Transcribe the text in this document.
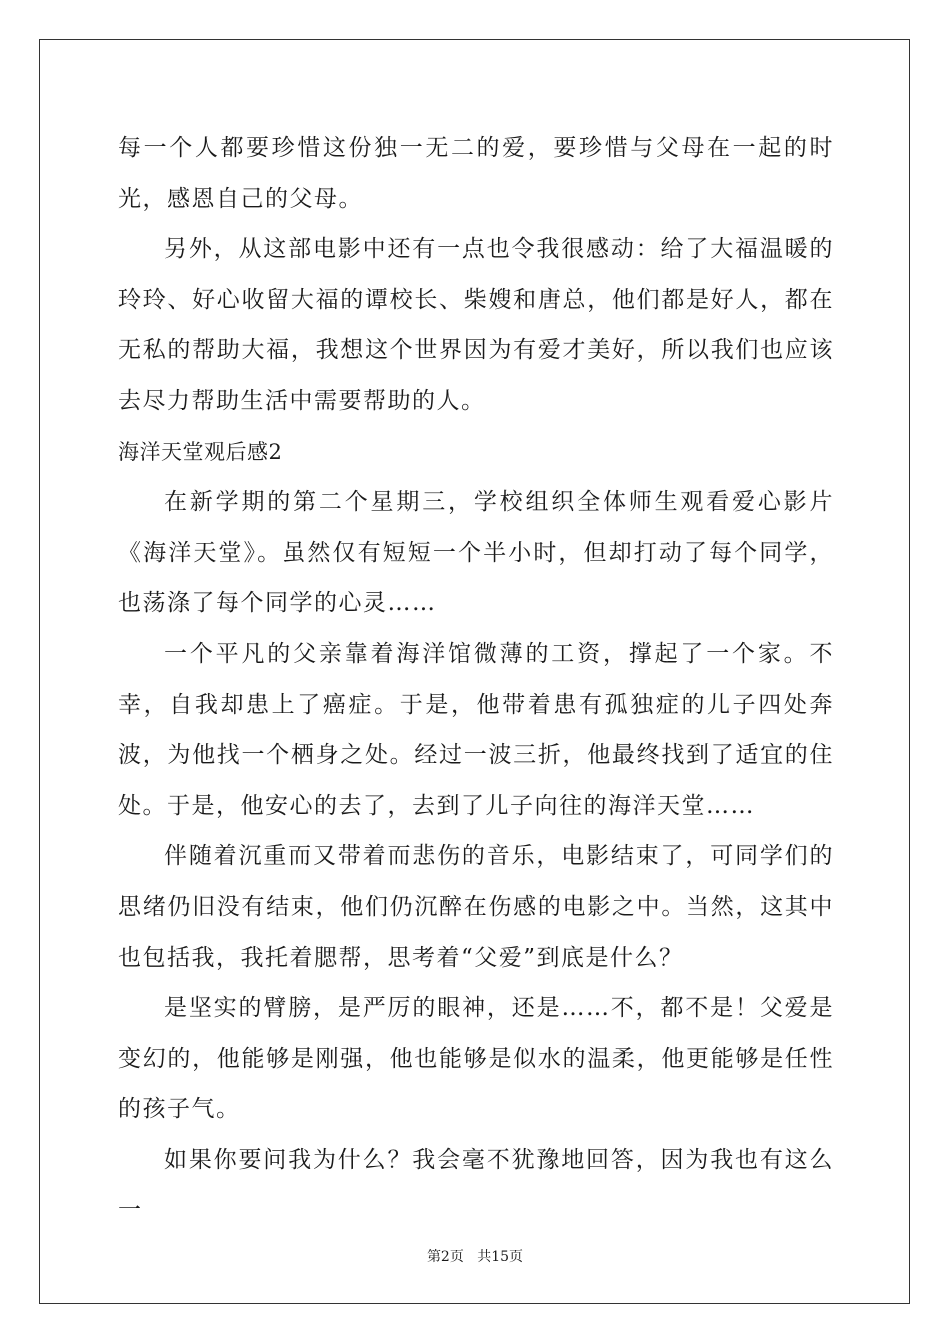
每一个人都要珍惜这份独一无二的爱，要珍惜与父母在一起的时光，感恩自己的父母。

另外，从这部电影中还有一点也令我很感动：给了大福温暖的玲玲、好心收留大福的谭校长、柴嫂和唐总，他们都是好人，都在无私的帮助大福，我想这个世界因为有爱才美好，所以我们也应该去尽力帮助生活中需要帮助的人。

海洋天堂观后感2

在新学期的第二个星期三，学校组织全体师生观看爱心影片《海洋天堂》。虽然仅有短短一个半小时，但却打动了每个同学，也荡涤了每个同学的心灵……

一个平凡的父亲靠着海洋馆微薄的工资，撑起了一个家。不幸，自我却患上了癌症。于是，他带着患有孤独症的儿子四处奔波，为他找一个栖身之处。经过一波三折，他最终找到了适宜的住处。于是，他安心的去了，去到了儿子向往的海洋天堂……

伴随着沉重而又带着而悲伤的音乐，电影结束了，可同学们的思绪仍旧没有结束，他们仍沉醉在伤感的电影之中。当然，这其中也包括我，我托着腮帮，思考着“父爱”到底是什么？

是坚实的臂膀，是严厉的眼神，还是……不，都不是！父爱是变幻的，他能够是刚强，他也能够是似水的温柔，他更能够是任性的孩子气。

如果你要问我为什么？我会毫不犹豫地回答，因为我也有这么一

第2页 共15页
